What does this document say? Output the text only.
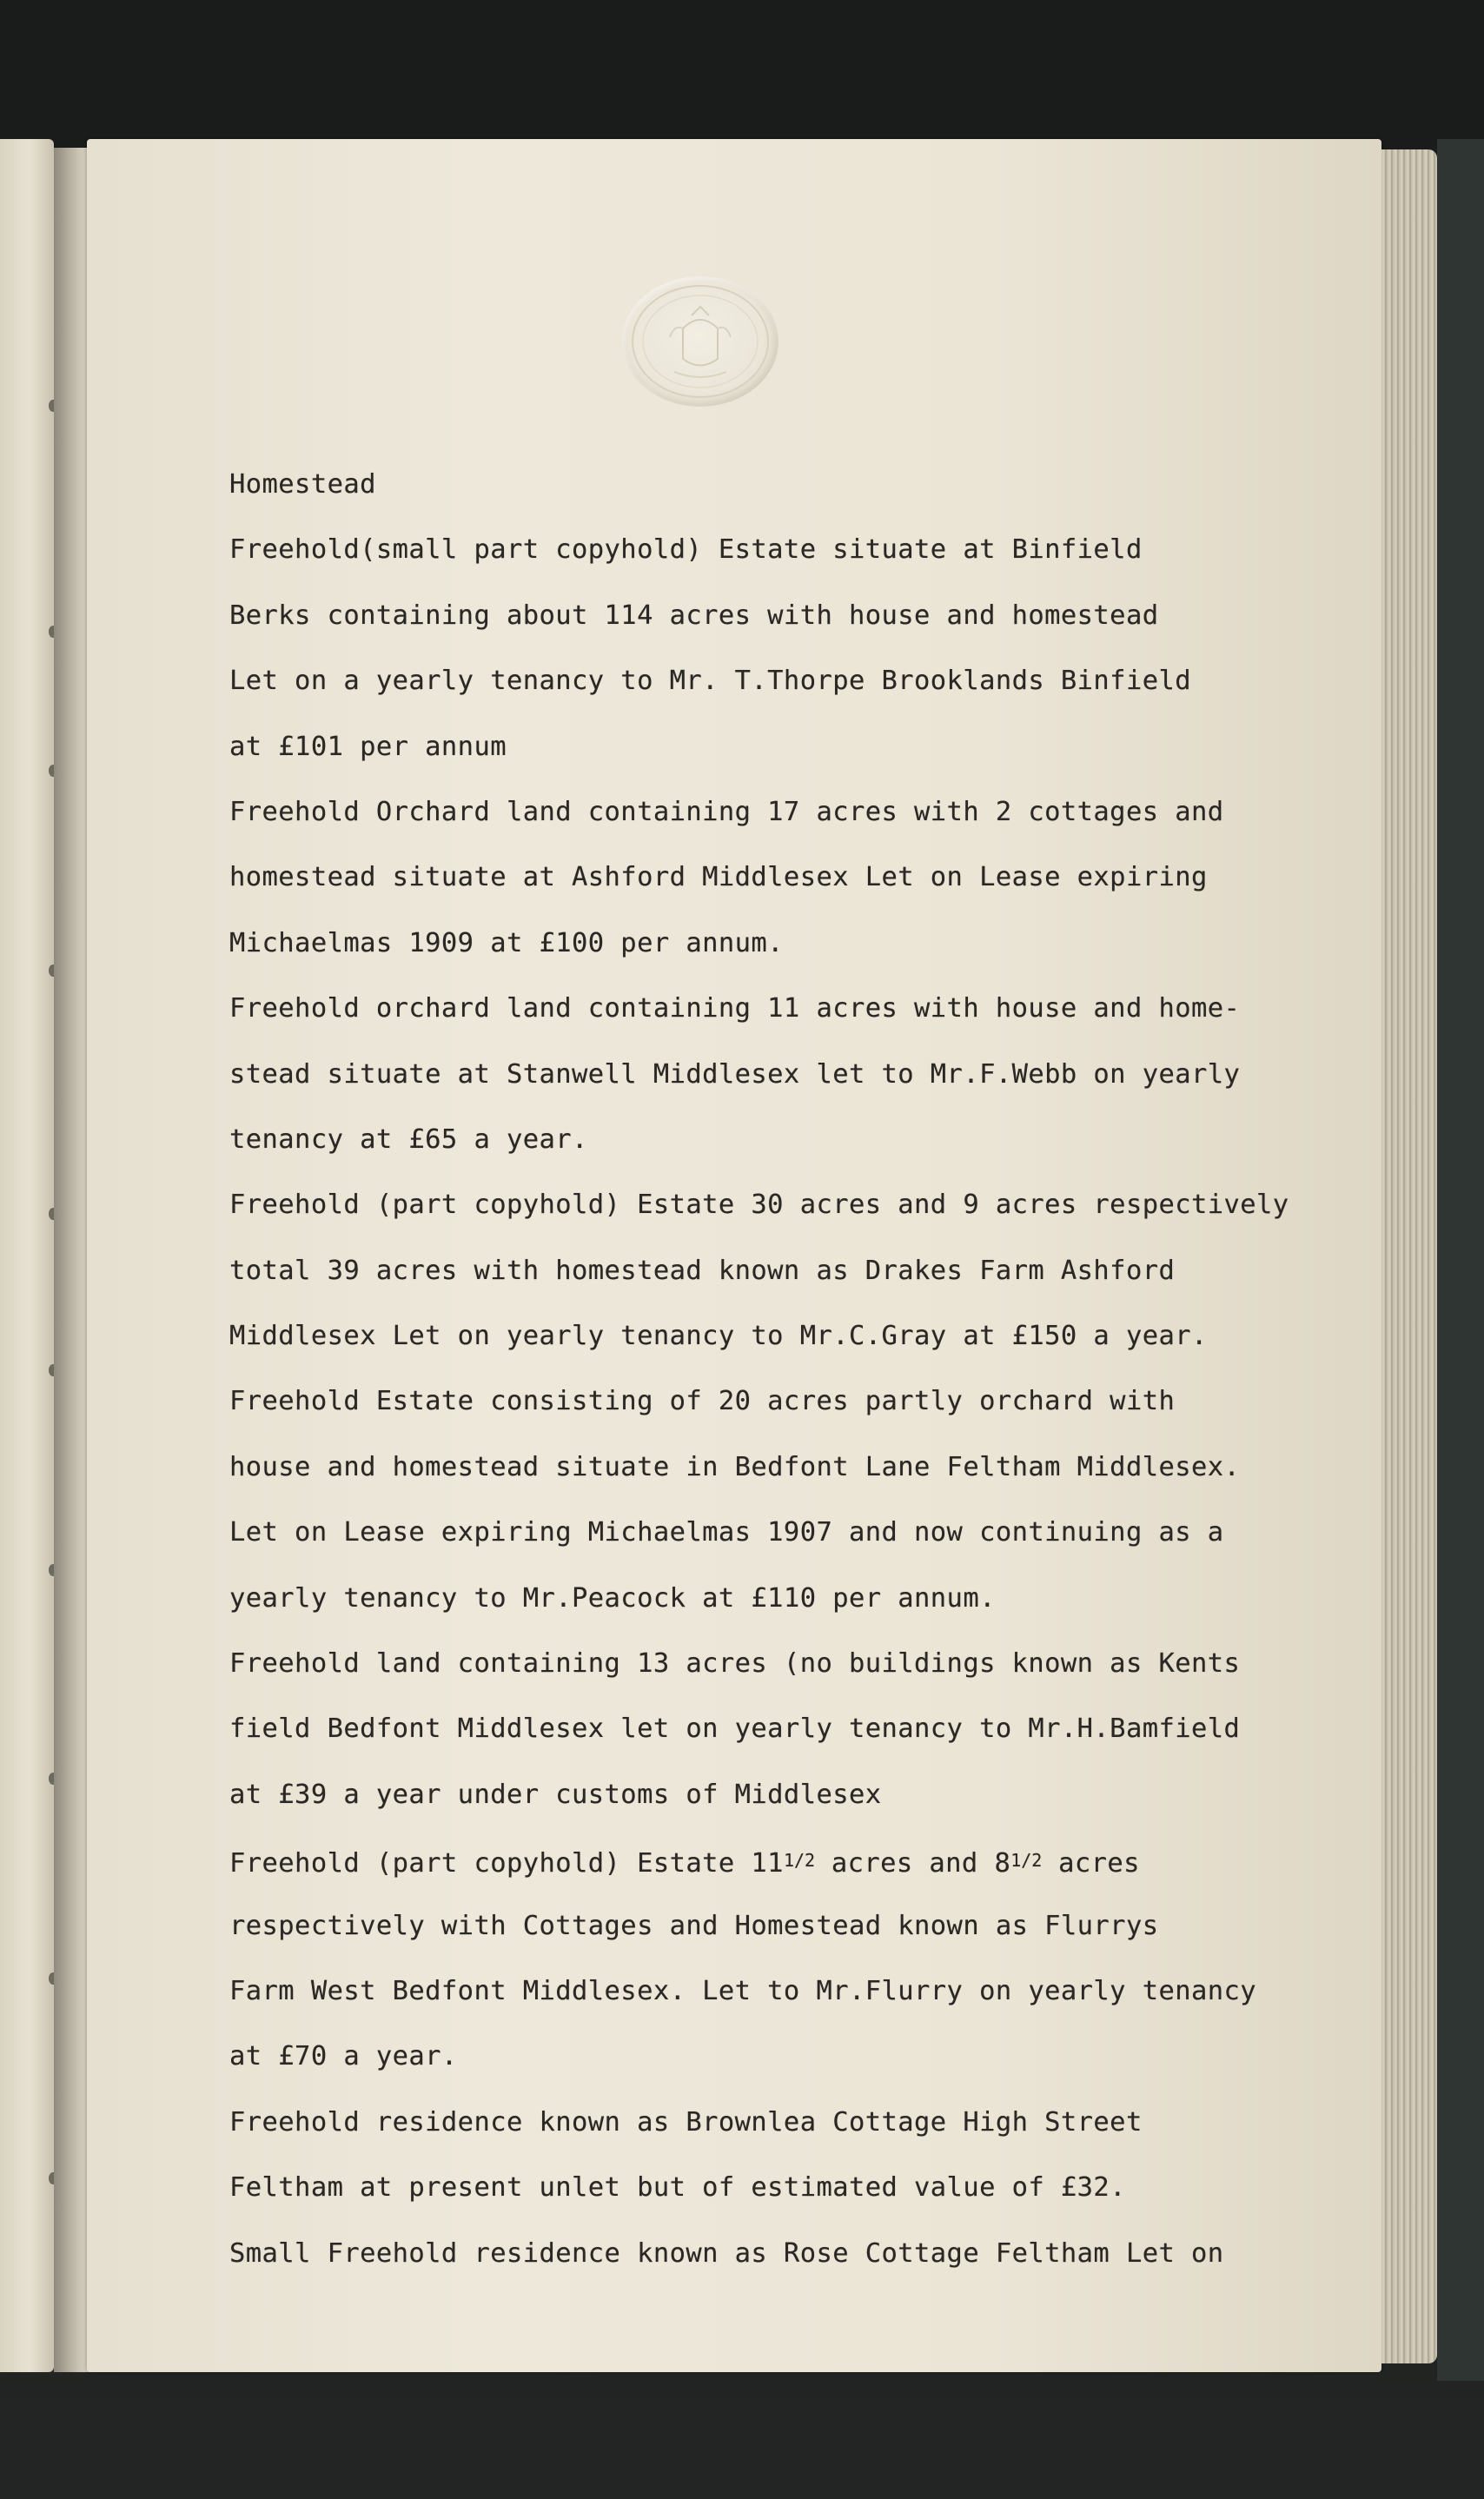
Homestead
Freehold(small part copyhold) Estate situate at Binfield
Berks containing about 114 acres with house and homestead
Let on a yearly tenancy to Mr. T.Thorpe Brooklands Binfield
at £101 per annum
Freehold Orchard land containing 17 acres with 2 cottages and
homestead situate at Ashford Middlesex Let on Lease expiring
Michaelmas 1909 at £100 per annum.
Freehold orchard land containing 11 acres with house and home-
stead situate at Stanwell Middlesex let to Mr.F.Webb on yearly
tenancy at £65 a year.
Freehold (part copyhold) Estate 30 acres and 9 acres respectively
total 39 acres with homestead known as Drakes Farm Ashford
Middlesex Let on yearly tenancy to Mr.C.Gray at £150 a year.
Freehold Estate consisting of 20 acres partly orchard with
house and homestead situate in Bedfont Lane Feltham Middlesex.
Let on Lease expiring Michaelmas 1907 and now continuing as a
yearly tenancy to Mr.Peacock at £110 per annum.
Freehold land containing 13 acres (no buildings known as Kents
field Bedfont Middlesex let on yearly tenancy to Mr.H.Bamfield
at £39 a year under customs of Middlesex
Freehold (part copyhold) Estate 111/2 acres and 81/2 acres
respectively with Cottages and Homestead known as Flurrys
Farm West Bedfont Middlesex. Let to Mr.Flurry on yearly tenancy
at £70 a year.
Freehold residence known as Brownlea Cottage High Street
Feltham at present unlet but of estimated value of £32.
Small Freehold residence known as Rose Cottage Feltham Let on
